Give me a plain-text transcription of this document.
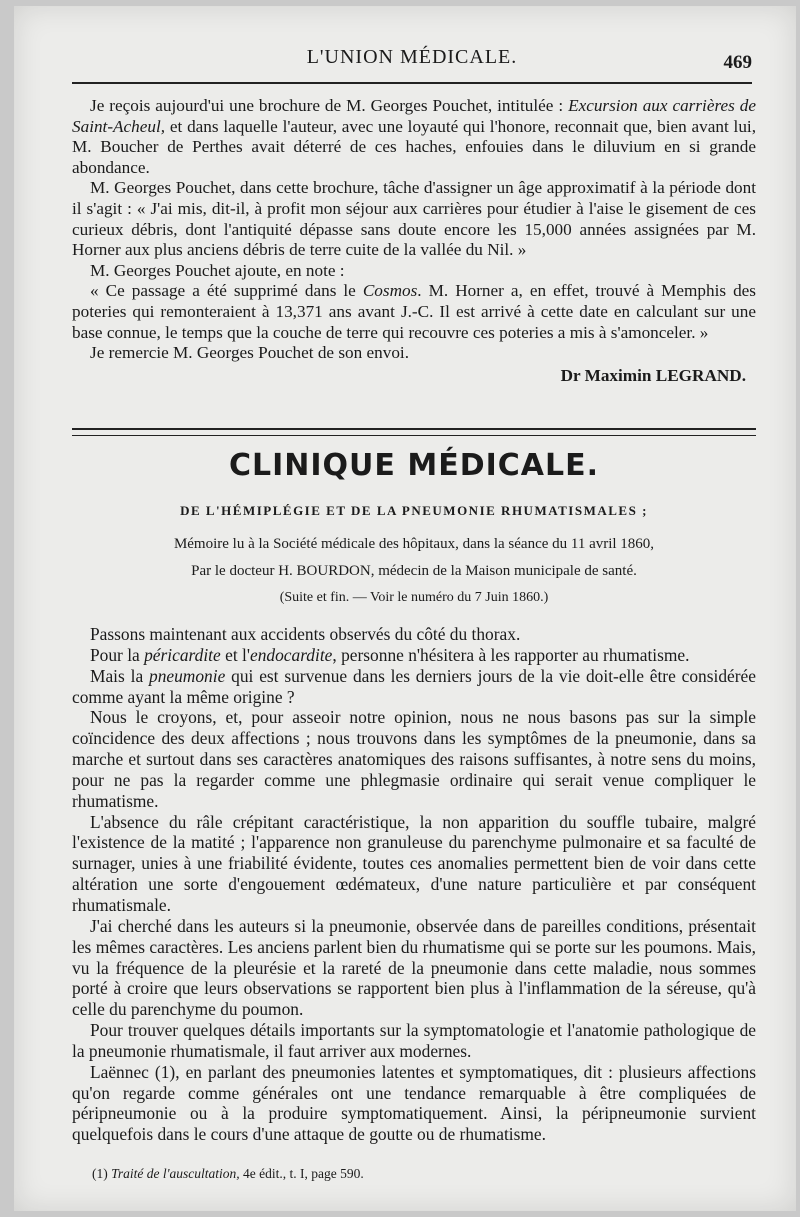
L'UNION MÉDICALE.	469

Je reçois aujourd'ui une brochure de M. Georges Pouchet, intitulée : Excursion aux carrières de Saint-Acheul, et dans laquelle l'auteur, avec une loyauté qui l'honore, reconnait que, bien avant lui, M. Boucher de Perthes avait déterré de ces haches, enfouies dans le diluvium en si grande abondance.

M. Georges Pouchet, dans cette brochure, tâche d'assigner un âge approximatif à la période dont il s'agit : « J'ai mis, dit-il, à profit mon séjour aux carrières pour étudier à l'aise le gisement de ces curieux débris, dont l'antiquité dépasse sans doute encore les 15,000 années assignées par M. Horner aux plus anciens débris de terre cuite de la vallée du Nil. »

M. Georges Pouchet ajoute, en note :

« Ce passage a été supprimé dans le Cosmos. M. Horner a, en effet, trouvé à Memphis des poteries qui remonteraient à 13,371 ans avant J.-C. Il est arrivé à cette date en calculant sur une base connue, le temps que la couche de terre qui recouvre ces poteries a mis à s'amonceler. »

Je remercie M. Georges Pouchet de son envoi.

Dr Maximin LEGRAND.
CLINIQUE MÉDICALE.
DE L'HÉMIPLÉGIE ET DE LA PNEUMONIE RHUMATISMALES ;
Mémoire lu à la Société médicale des hôpitaux, dans la séance du 11 avril 1860,
Par le docteur H. BOURDON, médecin de la Maison municipale de santé.
(Suite et fin. — Voir le numéro du 7 Juin 1860.)

Passons maintenant aux accidents observés du côté du thorax.

Pour la péricardite et l'endocardite, personne n'hésitera à les rapporter au rhumatisme.

Mais la pneumonie qui est survenue dans les derniers jours de la vie doit-elle être considérée comme ayant la même origine ?

Nous le croyons, et, pour asseoir notre opinion, nous ne nous basons pas sur la simple coïncidence des deux affections ; nous trouvons dans les symptômes de la pneumonie, dans sa marche et surtout dans ses caractères anatomiques des raisons suffisantes, à notre sens du moins, pour ne pas la regarder comme une phlegmasie ordinaire qui serait venue compliquer le rhumatisme.

L'absence du râle crépitant caractéristique, la non apparition du souffle tubaire, malgré l'existence de la matité ; l'apparence non granuleuse du parenchyme pulmonaire et sa faculté de surnager, unies à une friabilité évidente, toutes ces anomalies permettent bien de voir dans cette altération une sorte d'engouement œdémateux, d'une nature particulière et par conséquent rhumatismale.

J'ai cherché dans les auteurs si la pneumonie, observée dans de pareilles conditions, présentait les mêmes caractères. Les anciens parlent bien du rhumatisme qui se porte sur les poumons. Mais, vu la fréquence de la pleurésie et la rareté de la pneumonie dans cette maladie, nous sommes porté à croire que leurs observations se rapportent bien plus à l'inflammation de la séreuse, qu'à celle du parenchyme du poumon.

Pour trouver quelques détails importants sur la symptomatologie et l'anatomie pathologique de la pneumonie rhumatismale, il faut arriver aux modernes.

Laënnec (1), en parlant des pneumonies latentes et symptomatiques, dit : plusieurs affections qu'on regarde comme générales ont une tendance remarquable à être compliquées de péripneumonie ou à la produire symptomatiquement. Ainsi, la péripneumonie survient quelquefois dans le cours d'une attaque de goutte ou de rhumatisme.

(1) Traité de l'auscultation, 4e édit., t. I, page 590.
